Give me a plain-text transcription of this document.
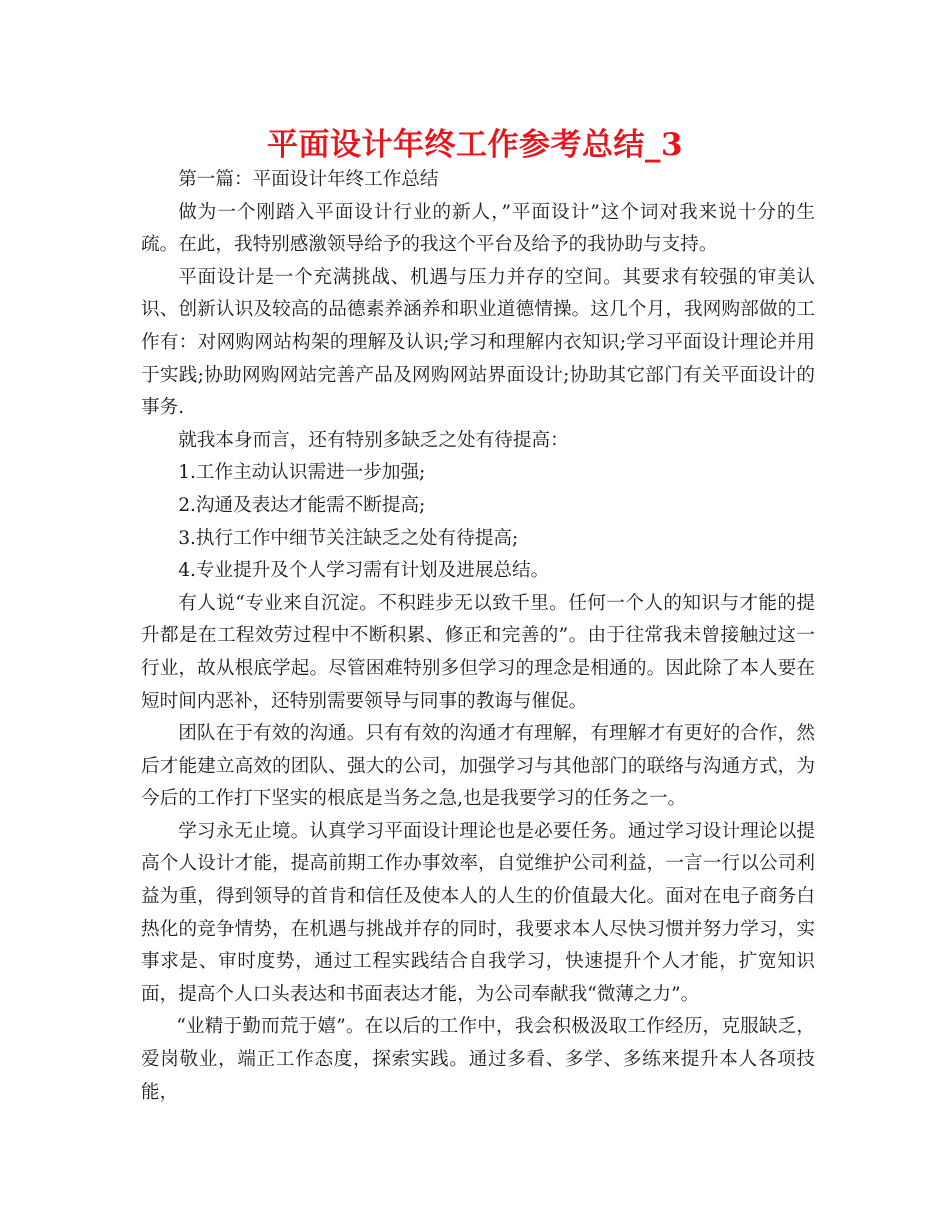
平面设计年终工作参考总结_3

第一篇：平面设计年终工作总结

做为一个刚踏入平面设计行业的新人，”平面设计”这个词对我来说十分的生疏。在此，我特别感激领导给予的我这个平台及给予的我协助与支持。

平面设计是一个充满挑战、机遇与压力并存的空间。其要求有较强的审美认识、创新认识及较高的品德素养涵养和职业道德情操。这几个月，我网购部做的工作有：对网购网站构架的理解及认识;学习和理解内衣知识;学习平面设计理论并用于实践;协助网购网站完善产品及网购网站界面设计;协助其它部门有关平面设计的事务.

就我本身而言，还有特别多缺乏之处有待提高：

1.工作主动认识需进一步加强;

2.沟通及表达才能需不断提高;

3.执行工作中细节关注缺乏之处有待提高;

4.专业提升及个人学习需有计划及进展总结。

有人说“专业来自沉淀。不积跬步无以致千里。任何一个人的知识与才能的提升都是在工程效劳过程中不断积累、修正和完善的”。由于往常我未曾接触过这一行业，故从根底学起。尽管困难特别多但学习的理念是相通的。因此除了本人要在短时间内恶补，还特别需要领导与同事的教诲与催促。

团队在于有效的沟通。只有有效的沟通才有理解，有理解才有更好的合作，然后才能建立高效的团队、强大的公司，加强学习与其他部门的联络与沟通方式，为今后的工作打下坚实的根底是当务之急,也是我要学习的任务之一。

学习永无止境。认真学习平面设计理论也是必要任务。通过学习设计理论以提高个人设计才能，提高前期工作办事效率，自觉维护公司利益，一言一行以公司利益为重，得到领导的首肯和信任及使本人的人生的价值最大化。面对在电子商务白热化的竞争情势，在机遇与挑战并存的同时，我要求本人尽快习惯并努力学习，实事求是、审时度势，通过工程实践结合自我学习，快速提升个人才能，扩宽知识面，提高个人口头表达和书面表达才能，为公司奉献我“微薄之力”。

“业精于勤而荒于嬉”。在以后的工作中，我会积极汲取工作经历，克服缺乏，爱岗敬业，端正工作态度，探索实践。通过多看、多学、多练来提升本人各项技能，
